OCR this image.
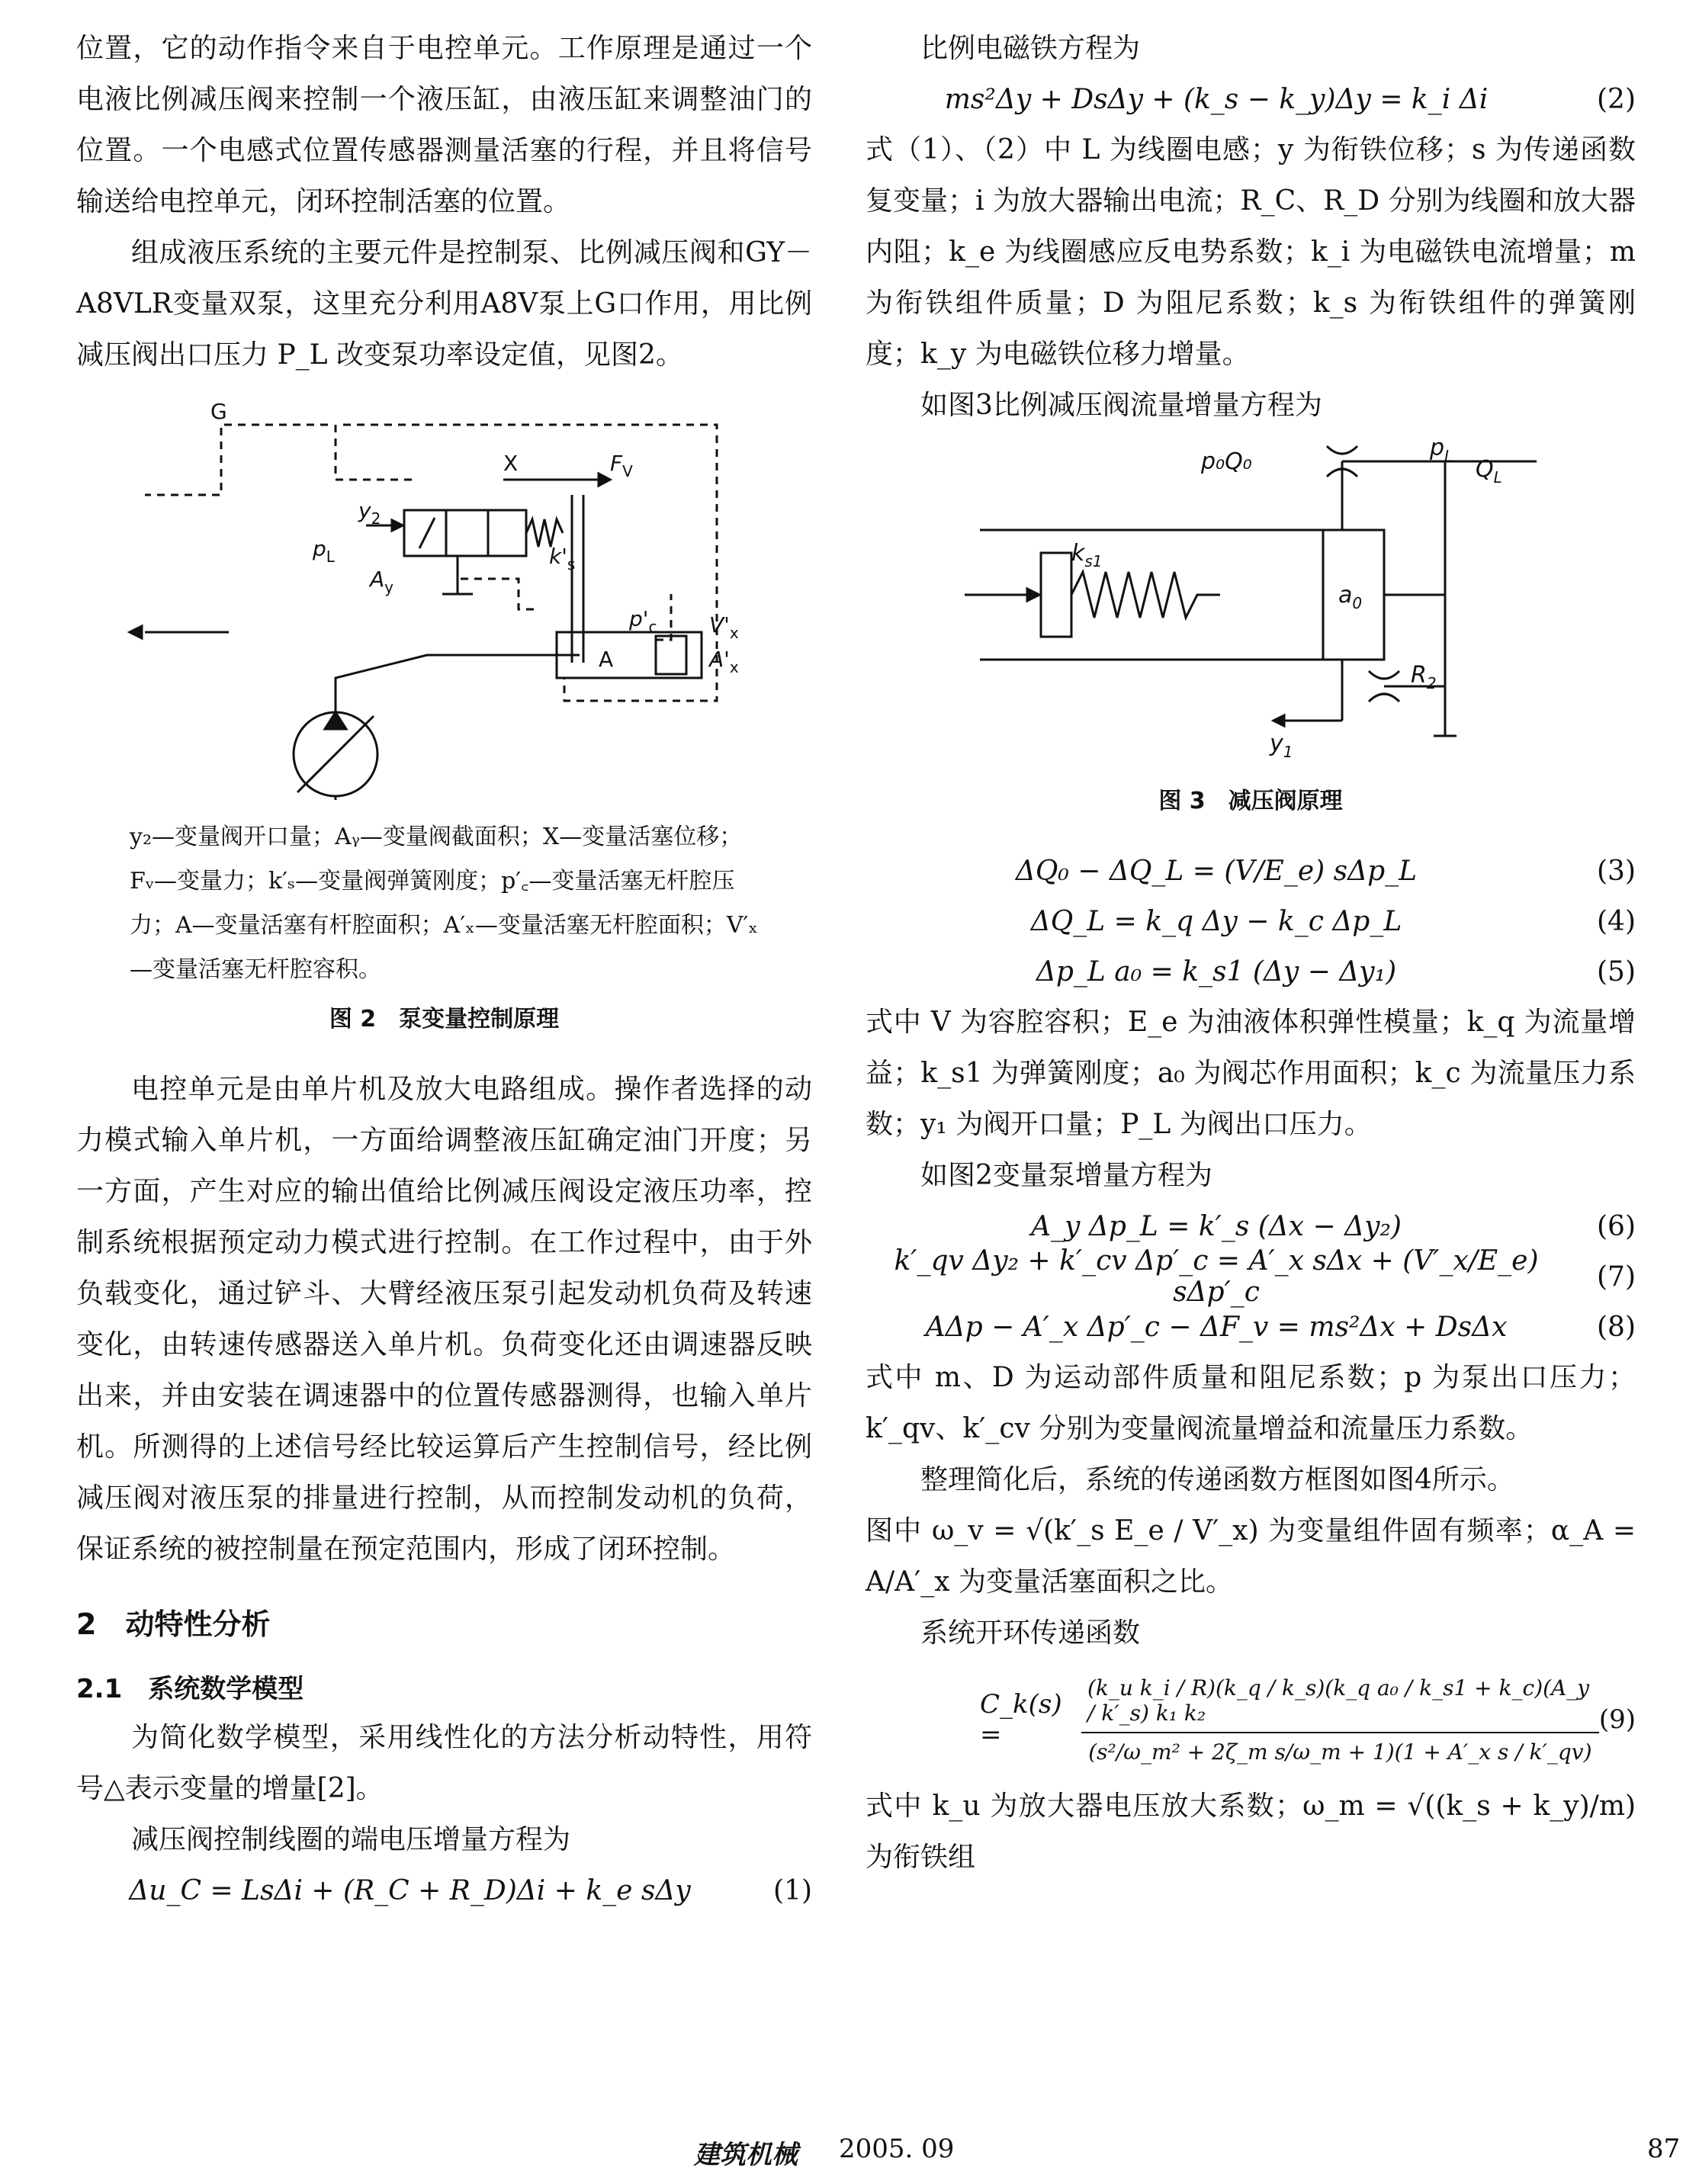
位置，它的动作指令来自于电控单元。工作原理是通过一个电液比例减压阀来控制一个液压缸，由液压缸来调整油门的位置。一个电感式位置传感器测量活塞的行程，并且将信号输送给电控单元，闭环控制活塞的位置。

组成液压系统的主要元件是控制泵、比例减压阀和GY－A8VLR变量双泵，这里充分利用A8V泵上G口作用，用比例减压阀出口压力 P_L 改变泵功率设定值，见图2。

G
X	$F_V$
$y_2$
$p_L$	$k'_s$
$A_y$
$p'_c$ $V'_x$
$A'_x$
A

y₂—变量阀开口量；Aᵧ—变量阀截面积；X—变量活塞位移；Fᵥ—变量力；k′ₛ—变量阀弹簧刚度；p′꜀—变量活塞无杆腔压力；A—变量活塞有杆腔面积；A′ₓ—变量活塞无杆腔面积；V′ₓ—变量活塞无杆腔容积。

图 2　泵变量控制原理

电控单元是由单片机及放大电路组成。操作者选择的动力模式输入单片机，一方面给调整液压缸确定油门开度；另一方面，产生对应的输出值给比例减压阀设定液压功率，控制系统根据预定动力模式进行控制。在工作过程中，由于外负载变化，通过铲斗、大臂经液压泵引起发动机负荷及转速变化，由转速传感器送入单片机。负荷变化还由调速器反映出来，并由安装在调速器中的位置传感器测得，也输入单片机。所测得的上述信号经比较运算后产生控制信号，经比例减压阀对液压泵的排量进行控制，从而控制发动机的负荷，保证系统的被控制量在预定范围内，形成了闭环控制。

2　动特性分析

2.1　系统数学模型

为简化数学模型，采用线性化的方法分析动特性，用符号△表示变量的增量[2]。

减压阀控制线圈的端电压增量方程为

Δu_C = LsΔi + (R_C + R_D)Δi + k_e sΔy	(1)

比例电磁铁方程为

ms²Δy + DsΔy + (k_s − k_y)Δy = k_i Δi	(2)

式（1）、（2）中 L 为线圈电感；y 为衔铁位移；s 为传递函数复变量；i 为放大器输出电流；R_C、R_D 分别为线圈和放大器内阻；k_e 为线圈感应反电势系数；k_i 为电磁铁电流增量；m 为衔铁组件质量；D 为阻尼系数；k_s 为衔铁组件的弹簧刚度；k_y 为电磁铁位移力增量。

如图3比例减压阀流量增量方程为

p₀Q₀
$p_L$ $Q_L$
$k_{s1}$
$a_0$
$R_2$
$y_1$

图 3　减压阀原理

ΔQ₀ − ΔQ_L = (V/E_e) sΔp_L	(3)
ΔQ_L = k_q Δy − k_c Δp_L	(4)
Δp_L a₀ = k_s1 (Δy − Δy₁)	(5)

式中 V 为容腔容积；E_e 为油液体积弹性模量；k_q 为流量增益；k_s1 为弹簧刚度；a₀ 为阀芯作用面积；k_c 为流量压力系数；y₁ 为阀开口量；P_L 为阀出口压力。

如图2变量泵增量方程为

A_y Δp_L = k′_s (Δx − Δy₂)	(6)
k′_qv Δy₂ + k′_cv Δp′_c = A′_x sΔx + (V′_x/E_e) sΔp′_c	(7)
AΔp − A′_x Δp′_c − ΔF_v = ms²Δx + DsΔx	(8)

式中 m、D 为运动部件质量和阻尼系数；p 为泵出口压力；k′_qv、k′_cv 分别为变量阀流量增益和流量压力系数。

整理简化后，系统的传递函数方框图如图4所示。

图中 ω_v = √(k′_s E_e / V′_x) 为变量组件固有频率；α_A = A/A′_x 为变量活塞面积之比。

系统开环传递函数

C_k(s) =
(k_u k_i / R)(k_q / k_s)(k_q a₀ / k_s1 + k_c)(A_y / k′_s) k₁ k₂
(s²/ω_m² + 2ζ_m s/ω_m + 1)(1 + A′_x s / k′_qv)
(9)

式中 k_u 为放大器电压放大系数；ω_m = √((k_s + k_y)/m) 为衔铁组

建筑机械 2005. 09	87
